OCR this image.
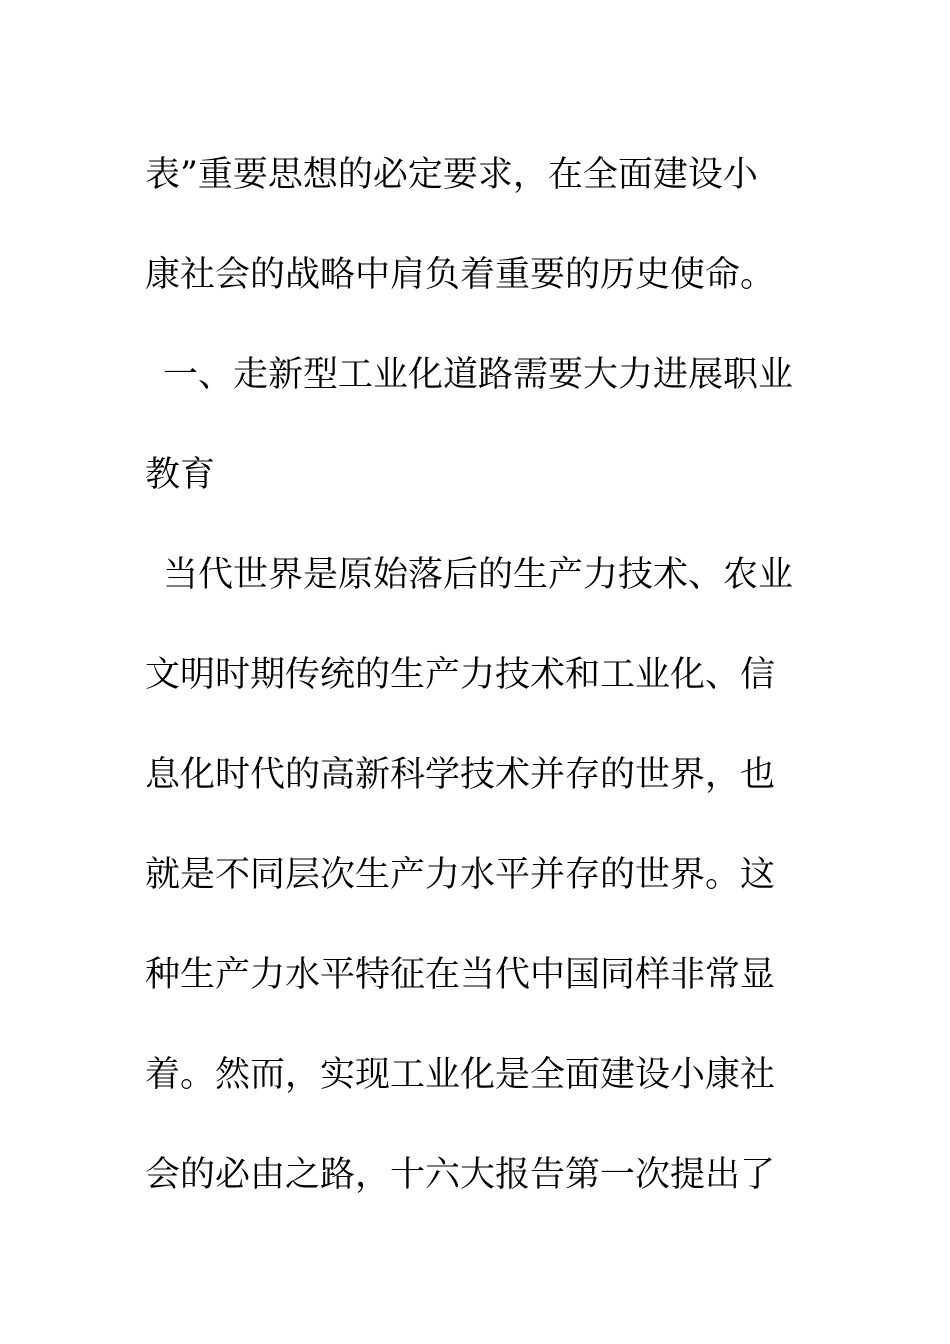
表”重要思想的必定要求，在全面建设小
康社会的战略中肩负着重要的历史使命。
一、走新型工业化道路需要大力进展职业
教育
当代世界是原始落后的生产力技术、农业
文明时期传统的生产力技术和工业化、信
息化时代的高新科学技术并存的世界，也
就是不同层次生产力水平并存的世界。这
种生产力水平特征在当代中国同样非常显
着。然而，实现工业化是全面建设小康社
会的必由之路，十六大报告第一次提出了
